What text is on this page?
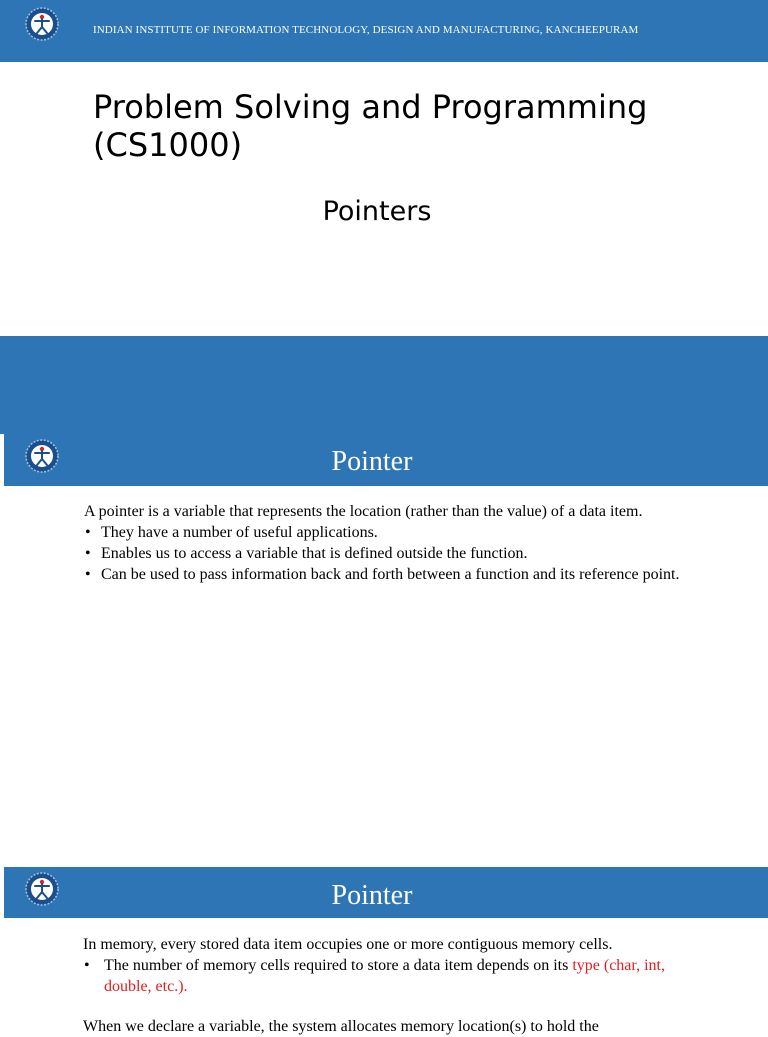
INDIAN INSTITUTE OF INFORMATION TECHNOLOGY, DESIGN AND MANUFACTURING, KANCHEEPURAM
Problem Solving and Programming (CS1000)
Pointers
Pointer
A pointer is a variable that represents the location (rather than the value) of a data item.
• They have a number of useful applications.
• Enables us to access a variable that is defined outside the function.
• Can be used to pass information back and forth between a function and its reference point.
Pointer
In memory, every stored data item occupies one or more contiguous memory cells.
• The number of memory cells required to store a data item depends on its type (char, int, double, etc.).
When we declare a variable, the system allocates memory location(s) to hold the
